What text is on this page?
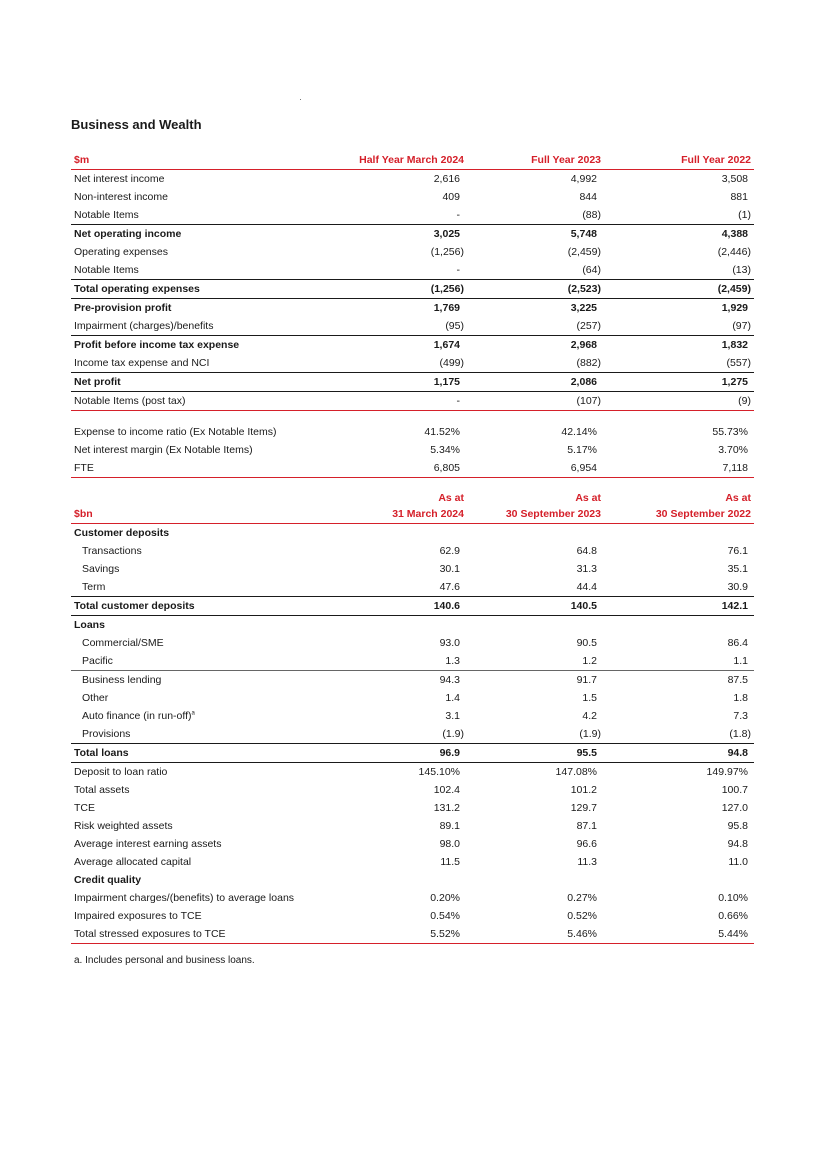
Business and Wealth
$m	Half Year March 2024	Full Year 2023	Full Year 2022
Net interest income	2,616	4,992	3,508
Non-interest income	409	844	881
Notable Items	-	(88)	(1)
Net operating income	3,025	5,748	4,388
Operating expenses	(1,256)	(2,459)	(2,446)
Notable Items	-	(64)	(13)
Total operating expenses	(1,256)	(2,523)	(2,459)
Pre-provision profit	1,769	3,225	1,929
Impairment (charges)/benefits	(95)	(257)	(97)
Profit before income tax expense	1,674	2,968	1,832
Income tax expense and NCI	(499)	(882)	(557)
Net profit	1,175	2,086	1,275
Notable Items (post tax)	-	(107)	(9)

Expense to income ratio (Ex Notable Items)	41.52%	42.14%	55.73%
Net interest margin (Ex Notable Items)	5.34%	5.17%	3.70%
FTE	6,805	6,954	7,118
	As at	As at	As at
$bn	31 March 2024	30 September 2023	30 September 2022
Customer deposits			
Transactions	62.9	64.8	76.1
Savings	30.1	31.3	35.1
Term	47.6	44.4	30.9
Total customer deposits	140.6	140.5	142.1
Loans			
Commercial/SME	93.0	90.5	86.4
Pacific	1.3	1.2	1.1
Business lending	94.3	91.7	87.5
Other	1.4	1.5	1.8
Auto finance (in run-off)$^a$	3.1	4.2	7.3
Provisions	(1.9)	(1.9)	(1.8)
Total loans	96.9	95.5	94.8
Deposit to loan ratio	145.10%	147.08%	149.97%
Total assets	102.4	101.2	100.7
TCE	131.2	129.7	127.0
Risk weighted assets	89.1	87.1	95.8
Average interest earning assets	98.0	96.6	94.8
Average allocated capital	11.5	11.3	11.0
Credit quality			
Impairment charges/(benefits) to average loans	0.20%	0.27%	0.10%
Impaired exposures to TCE	0.54%	0.52%	0.66%
Total stressed exposures to TCE	5.52%	5.46%	5.44%
a. Includes personal and business loans.
